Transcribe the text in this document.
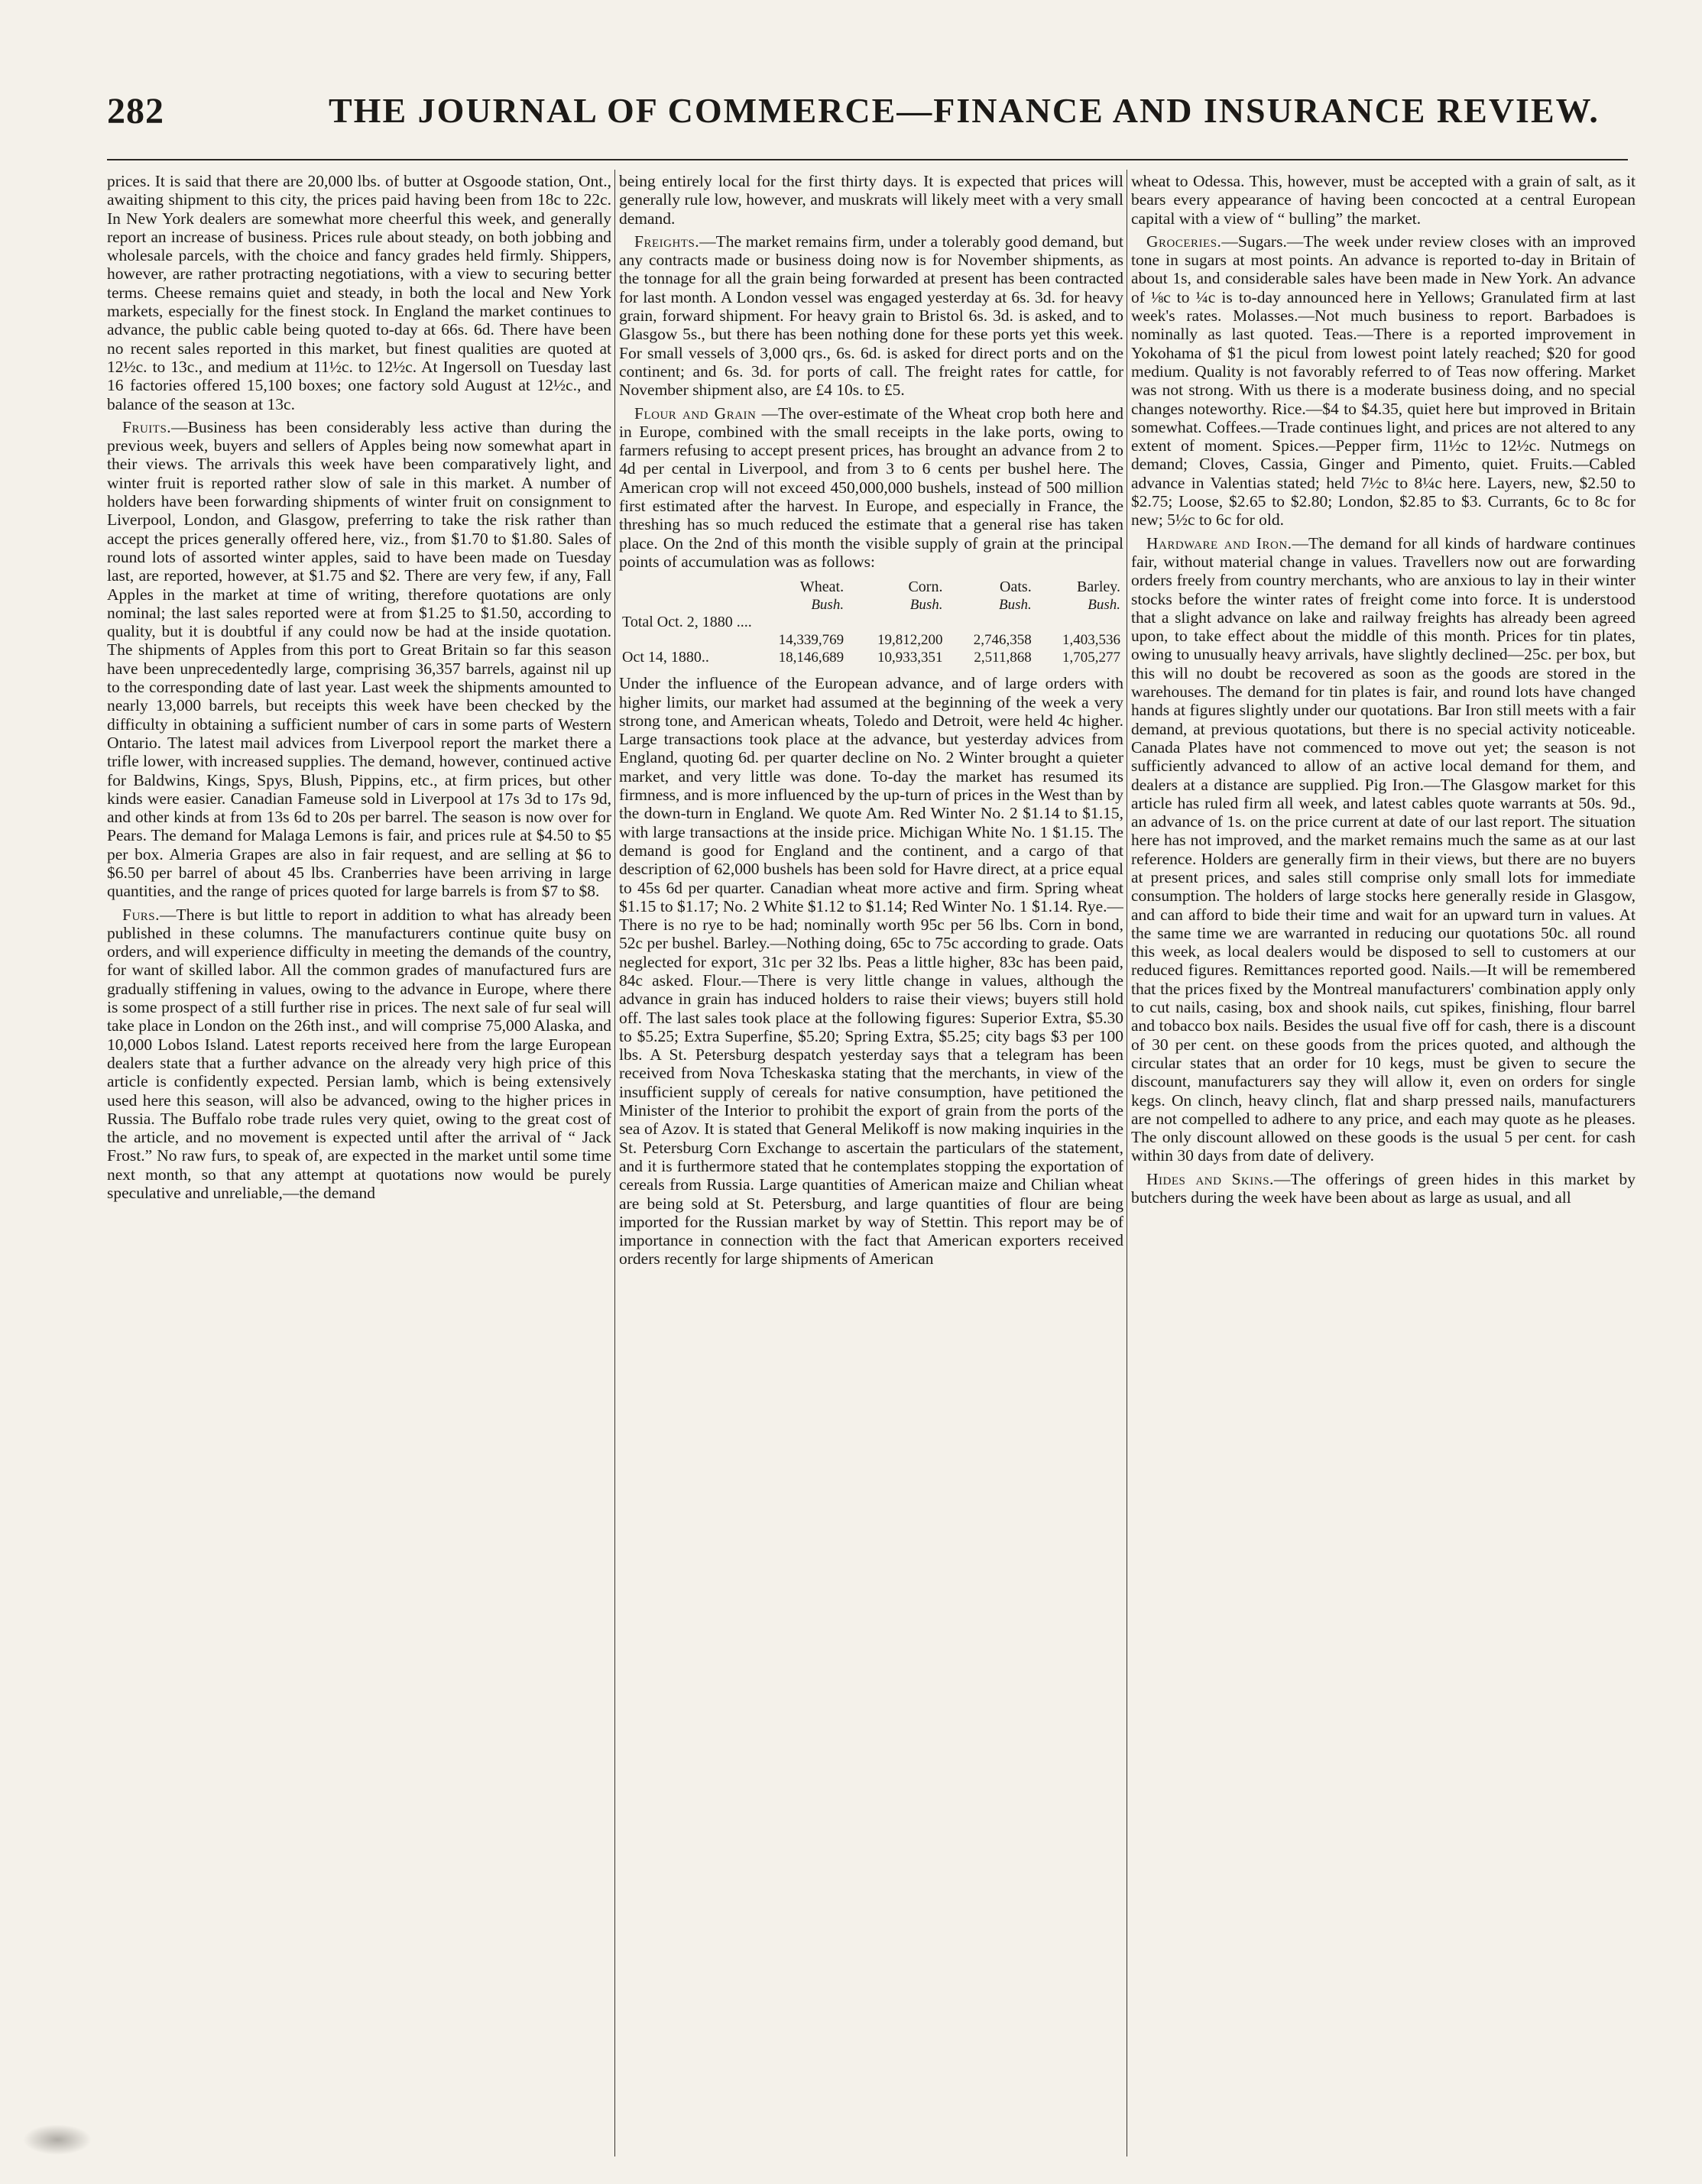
282	THE JOURNAL OF COMMERCE—FINANCE AND INSURANCE REVIEW.

prices. It is said that there are 20,000 lbs. of butter at Osgoode station, Ont., awaiting shipment to this city, the prices paid having been from 18c to 22c. In New York dealers are somewhat more cheerful this week, and generally report an increase of business. Prices rule about steady, on both jobbing and wholesale parcels, with the choice and fancy grades held firmly. Shippers, however, are rather protracting negotiations, with a view to securing better terms. Cheese remains quiet and steady, in both the local and New York markets, especially for the finest stock. In England the market continues to advance, the public cable being quoted to-day at 66s. 6d. There have been no recent sales reported in this market, but finest qualities are quoted at 12½c. to 13c., and medium at 11½c. to 12½c. At Ingersoll on Tuesday last 16 factories offered 15,100 boxes; one factory sold August at 12½c., and balance of the season at 13c.

Fruits.—Business has been considerably less active than during the previous week, buyers and sellers of Apples being now somewhat apart in their views. The arrivals this week have been comparatively light, and winter fruit is reported rather slow of sale in this market. A number of holders have been forwarding shipments of winter fruit on consignment to Liverpool, London, and Glasgow, preferring to take the risk rather than accept the prices generally offered here, viz., from $1.70 to $1.80. Sales of round lots of assorted winter apples, said to have been made on Tuesday last, are reported, however, at $1.75 and $2. There are very few, if any, Fall Apples in the market at time of writing, therefore quotations are only nominal; the last sales reported were at from $1.25 to $1.50, according to quality, but it is doubtful if any could now be had at the inside quotation. The shipments of Apples from this port to Great Britain so far this season have been unprecedentedly large, comprising 36,357 barrels, against nil up to the corresponding date of last year. Last week the shipments amounted to nearly 13,000 barrels, but receipts this week have been checked by the difficulty in obtaining a sufficient number of cars in some parts of Western Ontario. The latest mail advices from Liverpool report the market there a trifle lower, with increased supplies. The demand, however, continued active for Baldwins, Kings, Spys, Blush, Pippins, etc., at firm prices, but other kinds were easier. Canadian Fameuse sold in Liverpool at 17s 3d to 17s 9d, and other kinds at from 13s 6d to 20s per barrel. The season is now over for Pears. The demand for Malaga Lemons is fair, and prices rule at $4.50 to $5 per box. Almeria Grapes are also in fair request, and are selling at $6 to $6.50 per barrel of about 45 lbs. Cranberries have been arriving in large quantities, and the range of prices quoted for large barrels is from $7 to $8.

Furs.—There is but little to report in addition to what has already been published in these columns. The manufacturers continue quite busy on orders, and will experience difficulty in meeting the demands of the country, for want of skilled labor. All the common grades of manufactured furs are gradually stiffening in values, owing to the advance in Europe, where there is some prospect of a still further rise in prices. The next sale of fur seal will take place in London on the 26th inst., and will comprise 75,000 Alaska, and 10,000 Lobos Island. Latest reports received here from the large European dealers state that a further advance on the already very high price of this article is confidently expected. Persian lamb, which is being extensively used here this season, will also be advanced, owing to the higher prices in Russia. The Buffalo robe trade rules very quiet, owing to the great cost of the article, and no movement is expected until after the arrival of “ Jack Frost.” No raw furs, to speak of, are expected in the market until some time next month, so that any attempt at quotations now would be purely speculative and unreliable,—the demand

being entirely local for the first thirty days. It is expected that prices will generally rule low, however, and muskrats will likely meet with a very small demand.

Freights.—The market remains firm, under a tolerably good demand, but any contracts made or business doing now is for November shipments, as the tonnage for all the grain being forwarded at present has been contracted for last month. A London vessel was engaged yesterday at 6s. 3d. for heavy grain, forward shipment. For heavy grain to Bristol 6s. 3d. is asked, and to Glasgow 5s., but there has been nothing done for these ports yet this week. For small vessels of 3,000 qrs., 6s. 6d. is asked for direct ports and on the continent; and 6s. 3d. for ports of call. The freight rates for cattle, for November shipment also, are £4 10s. to £5.

Flour and Grain —The over-estimate of the Wheat crop both here and in Europe, combined with the small receipts in the lake ports, owing to farmers refusing to accept present prices, has brought an advance from 2 to 4d per cental in Liverpool, and from 3 to 6 cents per bushel here. The American crop will not exceed 450,000,000 bushels, instead of 500 million first estimated after the harvest. In Europe, and especially in France, the threshing has so much reduced the estimate that a general rise has taken place. On the 2nd of this month the visible supply of grain at the principal points of accumulation was as follows:

	Wheat.	Corn.	Oats.	Barley.
	Bush.	Bush.	Bush.	Bush.
Total Oct. 2, 1880 ....				
	14,339,769	19,812,200	2,746,358	1,403,536
Oct 14, 1880..	18,146,689	10,933,351	2,511,868	1,705,277

Under the influence of the European advance, and of large orders with higher limits, our market had assumed at the beginning of the week a very strong tone, and American wheats, Toledo and Detroit, were held 4c higher. Large transactions took place at the advance, but yesterday advices from England, quoting 6d. per quarter decline on No. 2 Winter brought a quieter market, and very little was done. To-day the market has resumed its firmness, and is more influenced by the up-turn of prices in the West than by the down-turn in England. We quote Am. Red Winter No. 2 $1.14 to $1.15, with large transactions at the inside price. Michigan White No. 1 $1.15. The demand is good for England and the continent, and a cargo of that description of 62,000 bushels has been sold for Havre direct, at a price equal to 45s 6d per quarter. Canadian wheat more active and firm. Spring wheat $1.15 to $1.17; No. 2 White $1.12 to $1.14; Red Winter No. 1 $1.14. Rye.—There is no rye to be had; nominally worth 95c per 56 lbs. Corn in bond, 52c per bushel. Barley.—Nothing doing, 65c to 75c according to grade. Oats neglected for export, 31c per 32 lbs. Peas a little higher, 83c has been paid, 84c asked. Flour.—There is very little change in values, although the advance in grain has induced holders to raise their views; buyers still hold off. The last sales took place at the following figures: Superior Extra, $5.30 to $5.25; Extra Superfine, $5.20; Spring Extra, $5.25; city bags $3 per 100 lbs. A St. Petersburg despatch yesterday says that a telegram has been received from Nova Tcheskaska stating that the merchants, in view of the insufficient supply of cereals for native consumption, have petitioned the Minister of the Interior to prohibit the export of grain from the ports of the sea of Azov. It is stated that General Melikoff is now making inquiries in the St. Petersburg Corn Exchange to ascertain the particulars of the statement, and it is furthermore stated that he contemplates stopping the exportation of cereals from Russia. Large quantities of American maize and Chilian wheat are being sold at St. Petersburg, and large quantities of flour are being imported for the Russian market by way of Stettin. This report may be of importance in connection with the fact that American exporters received orders recently for large shipments of American

wheat to Odessa. This, however, must be accepted with a grain of salt, as it bears every appearance of having been concocted at a central European capital with a view of “ bulling” the market.

Groceries.—Sugars.—The week under review closes with an improved tone in sugars at most points. An advance is reported to-day in Britain of about 1s, and considerable sales have been made in New York. An advance of ⅛c to ¼c is to-day announced here in Yellows; Granulated firm at last week's rates. Molasses.—Not much business to report. Barbadoes is nominally as last quoted. Teas.—There is a reported improvement in Yokohama of $1 the picul from lowest point lately reached; $20 for good medium. Quality is not favorably referred to of Teas now offering. Market was not strong. With us there is a moderate business doing, and no special changes noteworthy. Rice.—$4 to $4.35, quiet here but improved in Britain somewhat. Coffees.—Trade continues light, and prices are not altered to any extent of moment. Spices.—Pepper firm, 11½c to 12½c. Nutmegs on demand; Cloves, Cassia, Ginger and Pimento, quiet. Fruits.—Cabled advance in Valentias stated; held 7½c to 8¼c here. Layers, new, $2.50 to $2.75; Loose, $2.65 to $2.80; London, $2.85 to $3. Currants, 6c to 8c for new; 5½c to 6c for old.

Hardware and Iron.—The demand for all kinds of hardware continues fair, without material change in values. Travellers now out are forwarding orders freely from country merchants, who are anxious to lay in their winter stocks before the winter rates of freight come into force. It is understood that a slight advance on lake and railway freights has already been agreed upon, to take effect about the middle of this month. Prices for tin plates, owing to unusually heavy arrivals, have slightly declined—25c. per box, but this will no doubt be recovered as soon as the goods are stored in the warehouses. The demand for tin plates is fair, and round lots have changed hands at figures slightly under our quotations. Bar Iron still meets with a fair demand, at previous quotations, but there is no special activity noticeable. Canada Plates have not commenced to move out yet; the season is not sufficiently advanced to allow of an active local demand for them, and dealers at a distance are supplied. Pig Iron.—The Glasgow market for this article has ruled firm all week, and latest cables quote warrants at 50s. 9d., an advance of 1s. on the price current at date of our last report. The situation here has not improved, and the market remains much the same as at our last reference. Holders are generally firm in their views, but there are no buyers at present prices, and sales still comprise only small lots for immediate consumption. The holders of large stocks here generally reside in Glasgow, and can afford to bide their time and wait for an upward turn in values. At the same time we are warranted in reducing our quotations 50c. all round this week, as local dealers would be disposed to sell to customers at our reduced figures. Remittances reported good. Nails.—It will be remembered that the prices fixed by the Montreal manufacturers' combination apply only to cut nails, casing, box and shook nails, cut spikes, finishing, flour barrel and tobacco box nails. Besides the usual five off for cash, there is a discount of 30 per cent. on these goods from the prices quoted, and although the circular states that an order for 10 kegs, must be given to secure the discount, manufacturers say they will allow it, even on orders for single kegs. On clinch, heavy clinch, flat and sharp pressed nails, manufacturers are not compelled to adhere to any price, and each may quote as he pleases. The only discount allowed on these goods is the usual 5 per cent. for cash within 30 days from date of delivery.

Hides and Skins.—The offerings of green hides in this market by butchers during the week have been about as large as usual, and all
